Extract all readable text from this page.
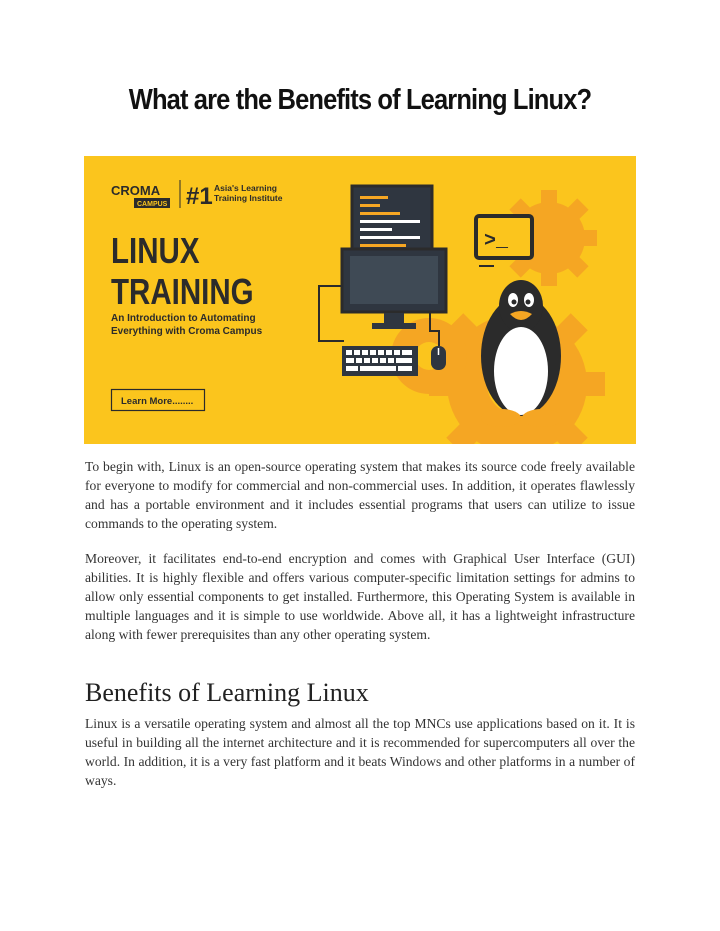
What are the Benefits of Learning Linux?
CROMA
CAMPUS #1 Asia's Learning
Training Institute
LINUX
TRAINING
An Introduction to Automating
Everything with Croma Campus
Learn More........
>_

To begin with, Linux is an open-source operating system that makes its source code freely available for everyone to modify for commercial and non-commercial uses. In addition, it operates flawlessly and has a portable environment and it includes essential programs that users can utilize to issue commands to the operating system.

Moreover, it facilitates end-to-end encryption and comes with Graphical User Interface (GUI) abilities. It is highly flexible and offers various computer-specific limitation settings for admins to allow only essential components to get installed. Furthermore, this Operating System is available in multiple languages and it is simple to use worldwide. Above all, it has a lightweight infrastructure along with fewer prerequisites than any other operating system.

Benefits of Learning Linux

Linux is a versatile operating system and almost all the top MNCs use applications based on it. It is useful in building all the internet architecture and it is recommended for supercomputers all over the world. In addition, it is a very fast platform and it beats Windows and other platforms in a number of ways.
